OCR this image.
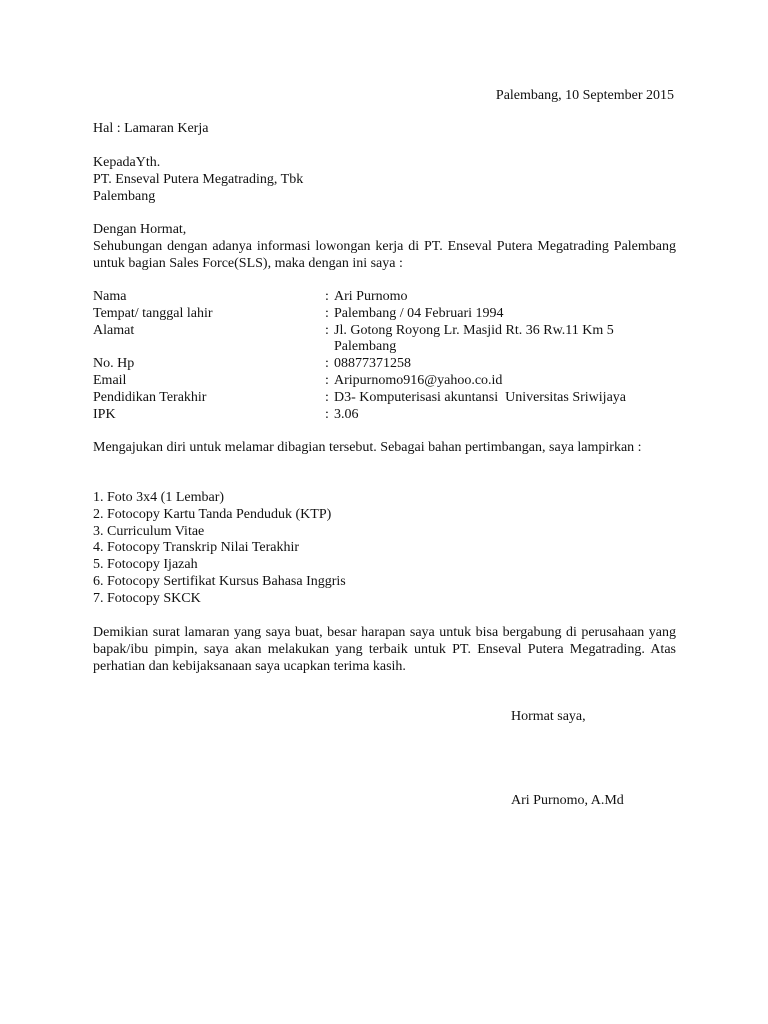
Palembang, 10 September 2015
Hal : Lamaran Kerja
KepadaYth.
PT. Enseval Putera Megatrading, Tbk
Palembang
Dengan Hormat,
Sehubungan dengan adanya informasi lowongan kerja di PT. Enseval Putera Megatrading Palembang untuk bagian Sales Force(SLS), maka dengan ini saya :
Nama	: Ari Purnomo
Tempat/ tanggal lahir	: Palembang / 04 Februari 1994
Alamat	: Jl. Gotong Royong Lr. Masjid Rt. 36 Rw.11 Km 5
Palembang
No. Hp	: 08877371258
Email	: Aripurnomo916@yahoo.co.id
Pendidikan Terakhir	: D3- Komputerisasi akuntansi  Universitas Sriwijaya
IPK	: 3.06
Mengajukan diri untuk melamar dibagian tersebut. Sebagai bahan pertimbangan, saya lampirkan :
1. Foto 3x4 (1 Lembar)
2. Fotocopy Kartu Tanda Penduduk (KTP)
3. Curriculum Vitae
4. Fotocopy Transkrip Nilai Terakhir
5. Fotocopy Ijazah
6. Fotocopy Sertifikat Kursus Bahasa Inggris
7. Fotocopy SKCK
Demikian surat lamaran yang saya buat, besar harapan saya untuk bisa bergabung di perusahaan yang bapak/ibu pimpin, saya akan melakukan yang terbaik untuk PT. Enseval Putera Megatrading. Atas perhatian dan kebijaksanaan saya ucapkan terima kasih.
Hormat saya,
Ari Purnomo, A.Md
